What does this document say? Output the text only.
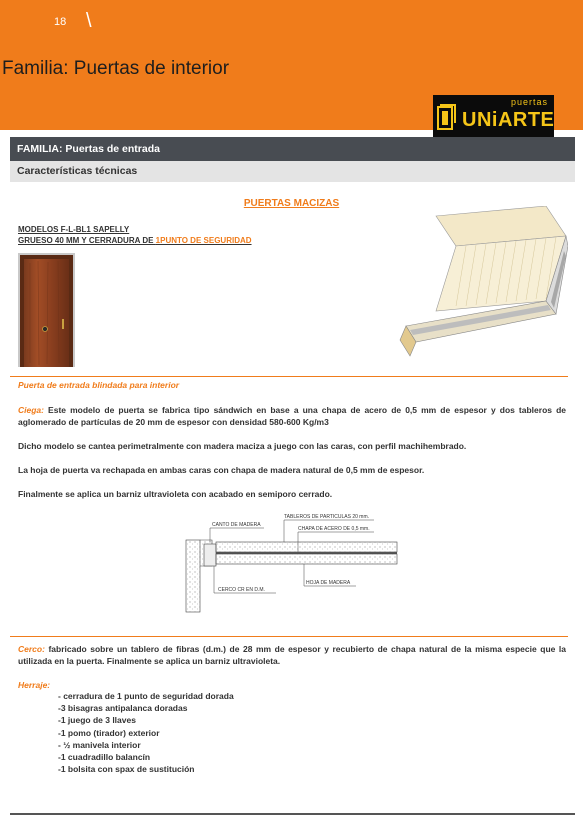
18 \
Familia: Puertas de interior
puertas
UNiARTE
FAMILIA: Puertas de entrada
Características técnicas
PUERTAS MACIZAS
MODELOS F-L-BL1 SAPELLY
GRUESO 40 MM Y CERRADURA DE 1PUNTO DE SEGURIDAD
Puerta de entrada blindada para interior
Ciega: Este modelo de puerta se fabrica tipo sándwich en base a una chapa de acero de 0,5 mm de espesor y dos tableros de aglomerado de partículas de 20 mm de espesor con densidad 580-600 Kg/m3
Dicho modelo se cantea perimetralmente con madera maciza a juego con las caras, con perfil machihembrado.
La hoja de puerta va rechapada en ambas caras con chapa de madera natural de 0,5 mm de espesor.
Finalmente se aplica un barniz ultravioleta con acabado en semiporo cerrado.
CANTO DE MADERA
TABLEROS DE PARTICULAS 20 mm.
CHAPA DE ACERO DE 0,5 mm.
HOJA DE MADERA
CERCO CR EN D.M.
Cerco: fabricado sobre un tablero de fibras (d.m.) de 28 mm de espesor y recubierto de chapa natural de la misma especie que la utilizada en la puerta. Finalmente se aplica un barniz ultravioleta.
Herraje:
- cerradura de 1 punto de seguridad dorada
-3 bisagras antipalanca doradas
-1 juego de 3 llaves
-1 pomo (tirador) exterior
- ½ manivela interior
-1 cuadradillo balancín
-1 bolsita con spax de sustitución
